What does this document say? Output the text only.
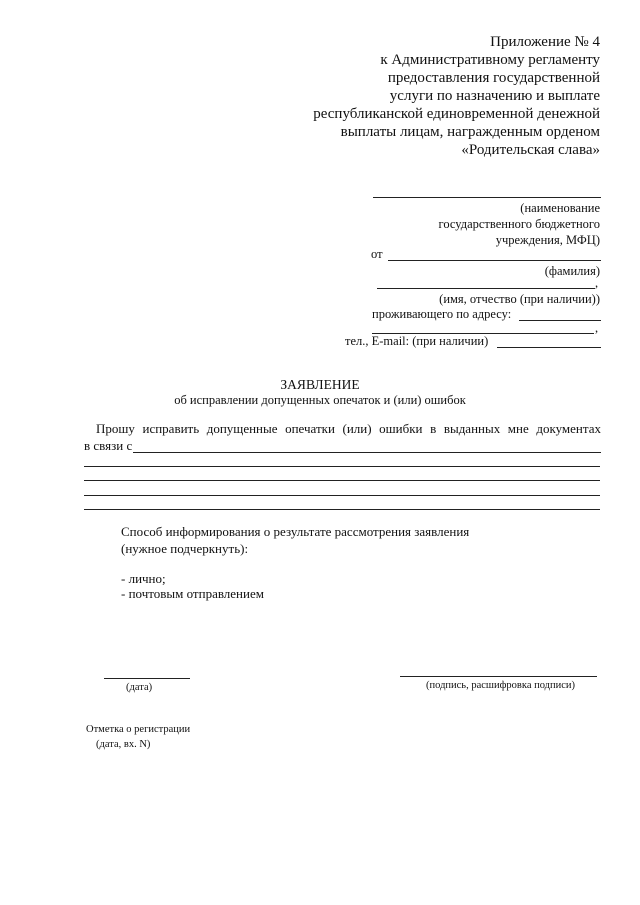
Приложение № 4
к Административному регламенту
предоставления государственной
услуги по назначению и выплате
республиканской единовременной денежной
выплаты лицам, награжденным орденом
«Родительская слава»
(наименование
государственного бюджетного
учреждения, МФЦ)
от
(фамилия)
,
(имя, отчество (при наличии))
проживающего по адресу:
,
тел., E-mail: (при наличии)
ЗАЯВЛЕНИЕ
об исправлении допущенных опечаток и (или) ошибок
Прошу исправить допущенные опечатки (или) ошибки в выданных мне документах
в связи с
Способ информирования о результате рассмотрения заявления
(нужное подчеркнуть):
- лично;
- почтовым отправлением
(дата)	(подпись, расшифровка подписи)
Отметка о регистрации
(дата, вх. N)
